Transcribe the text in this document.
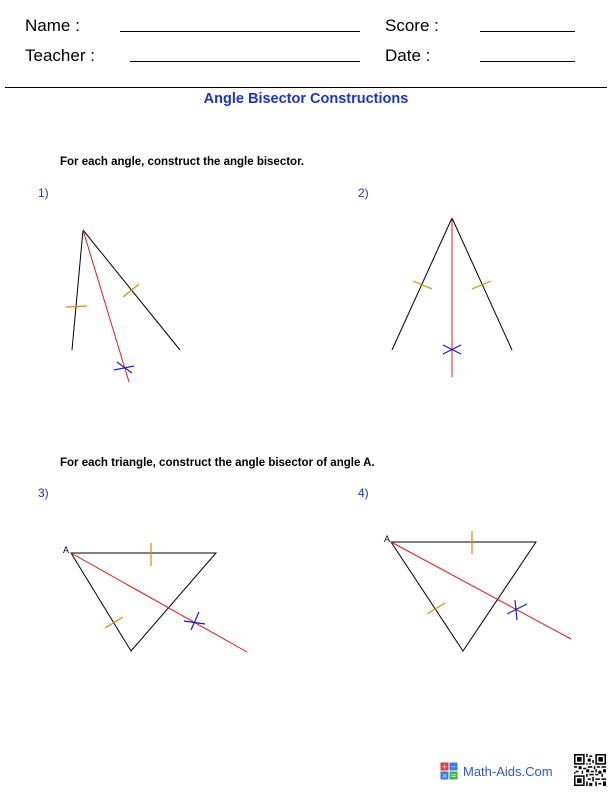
Name :	Score :
Teacher :	Date :
Angle Bisector Constructions
For each angle, construct the angle bisector.
1)	2)
For each triangle, construct the angle bisector of angle A.
3)	4)
A
A
+ −
× = Math-Aids.Com
